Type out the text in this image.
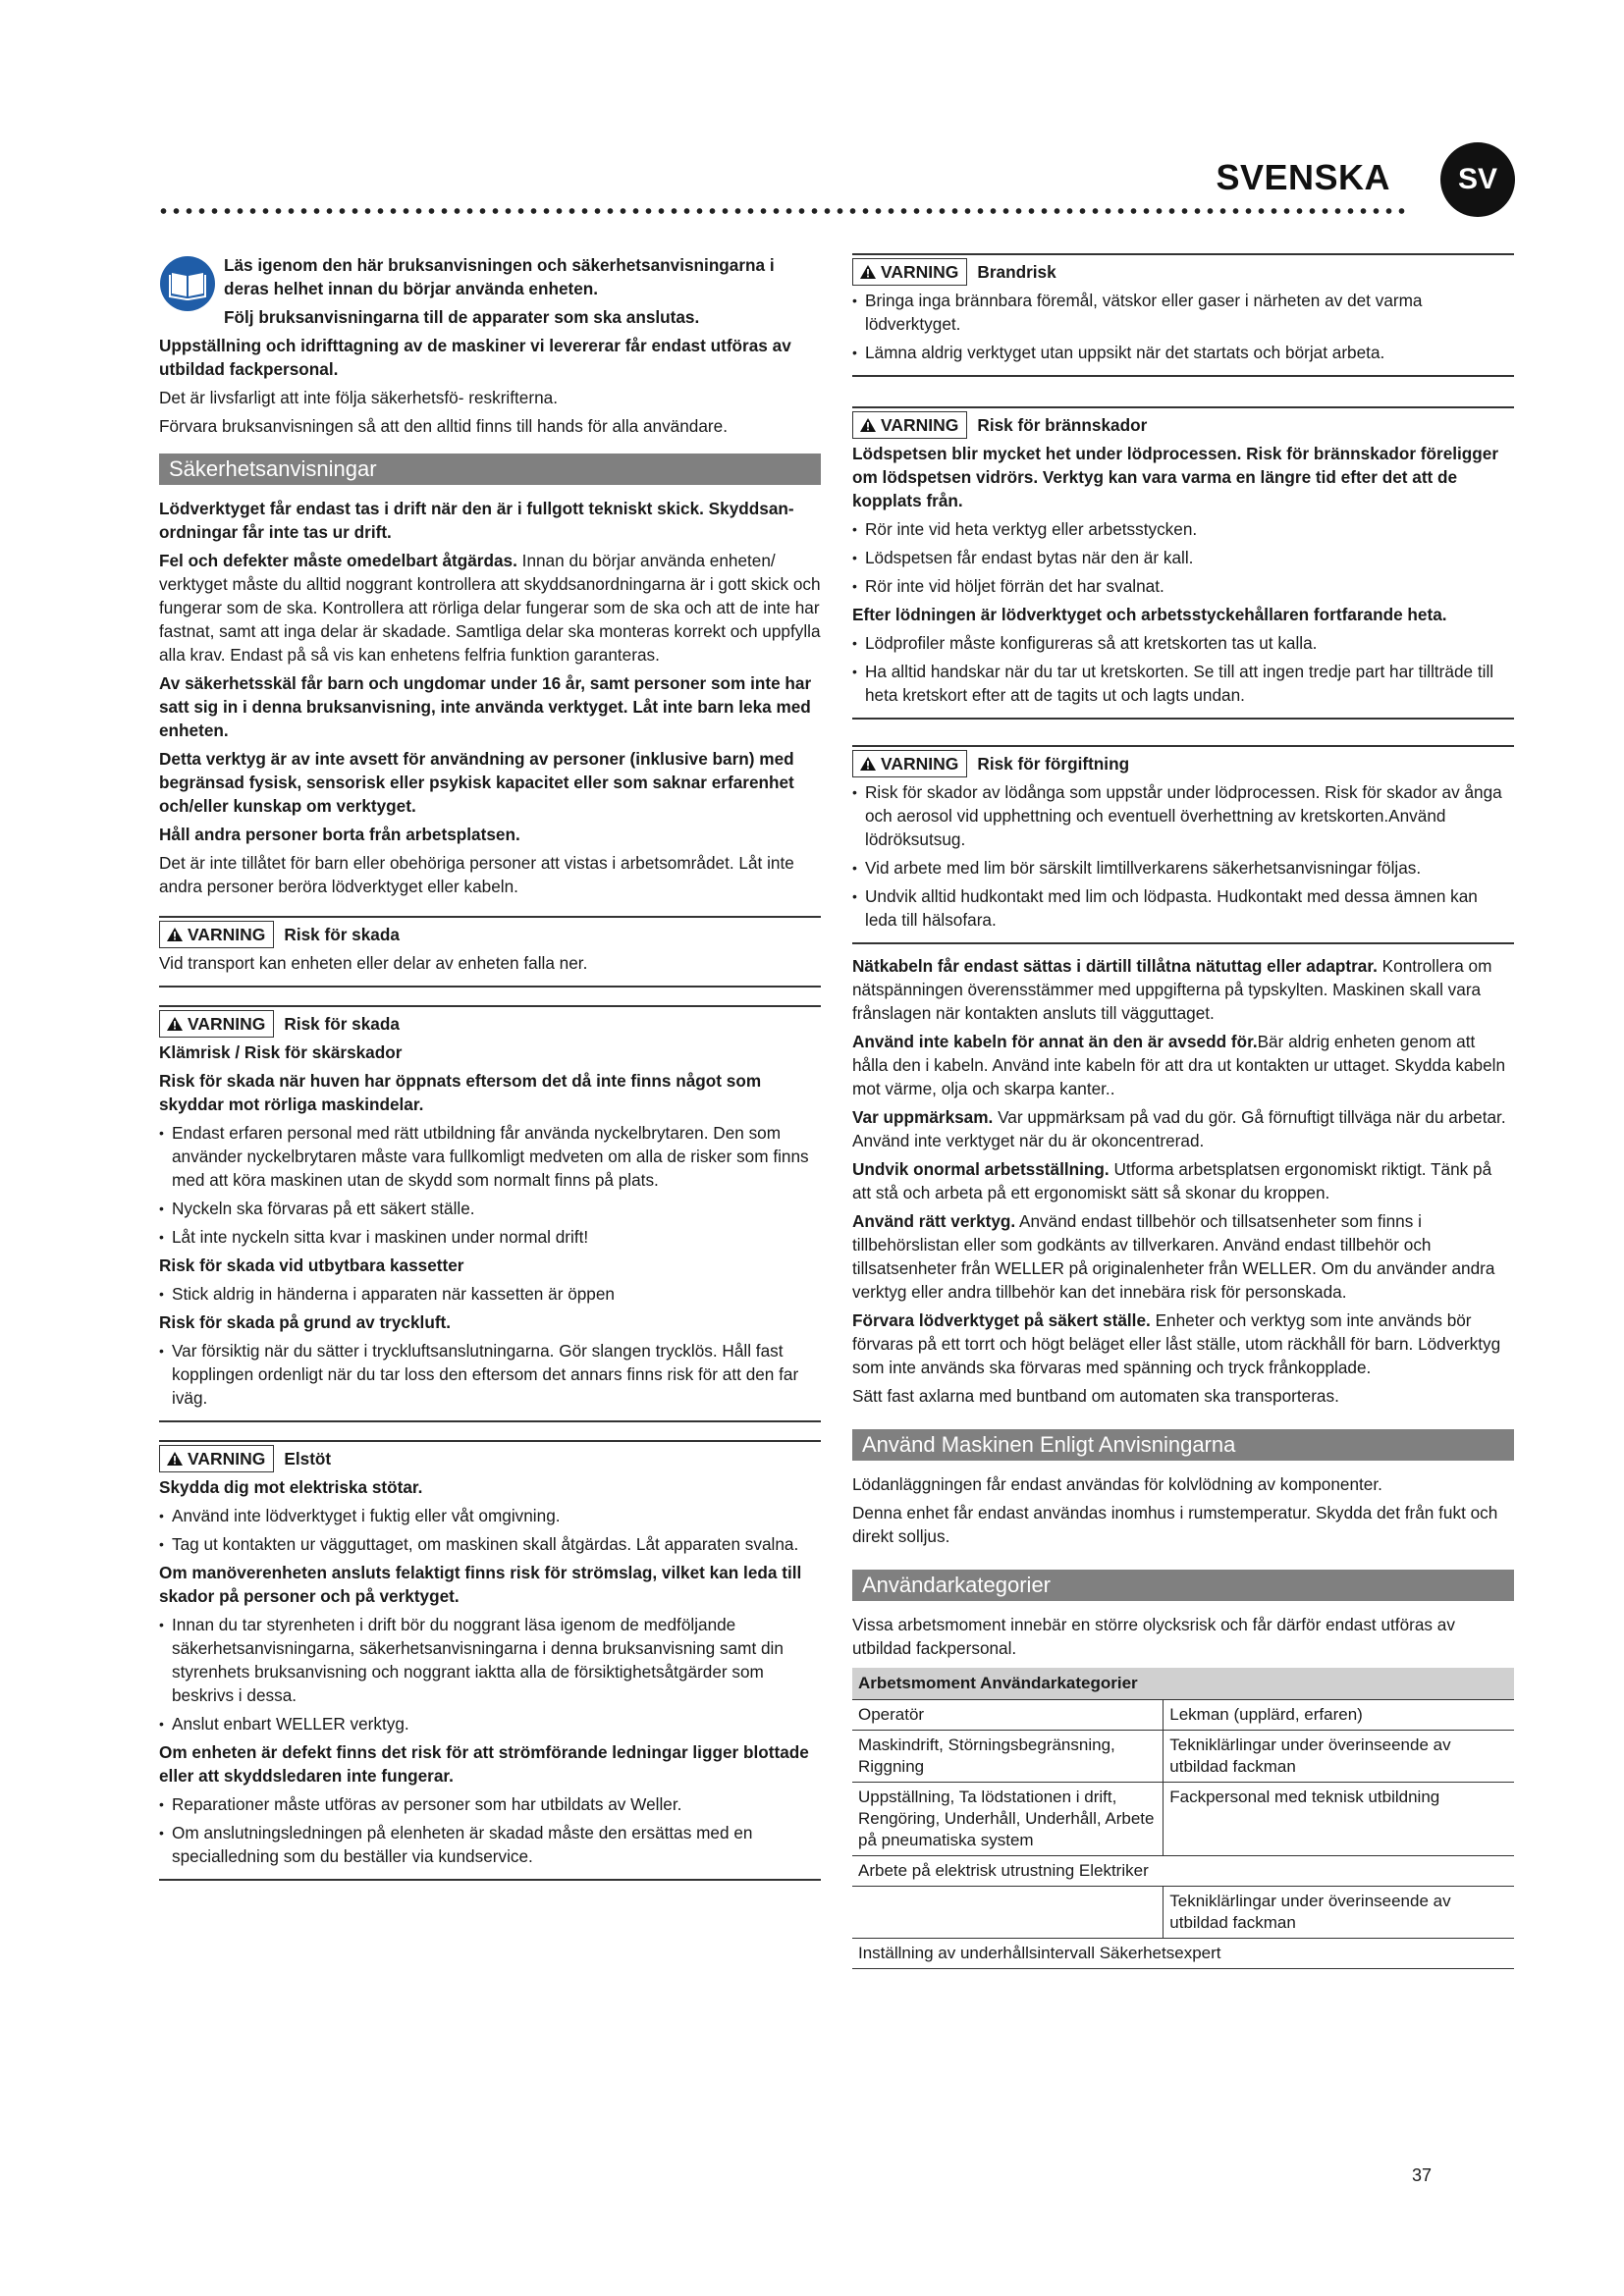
SVENSKA	SV

Läs igenom den här bruksanvisningen och säkerhetsanvisningarna i deras helhet innan du börjar använda enheten.

Följ bruksanvisningarna till de apparater som ska anslutas.

Uppställning och idrifttagning av de maskiner vi levererar får endast utföras av utbildad fackpersonal.

Det är livsfarligt att inte följa säkerhetsfö- reskrifterna.

Förvara bruksanvisningen så att den alltid finns till hands för alla användare.

Säkerhetsanvisningar

Lödverktyget får endast tas i drift när den är i fullgott tekniskt skick. Skyddsan-ordningar får inte tas ur drift.

Fel och defekter måste omedelbart åtgärdas. Innan du börjar använda enheten/ verktyget måste du alltid noggrant kontrollera att skyddsanordningarna är i gott skick och fungerar som de ska. Kontrollera att rörliga delar fungerar som de ska och att de inte har fastnat, samt att inga delar är skadade. Samtliga delar ska monteras korrekt och uppfylla alla krav. Endast på så vis kan enhetens felfria funktion garanteras.

Av säkerhetsskäl får barn och ungdomar under 16 år, samt personer som inte har satt sig in i denna bruksanvisning, inte använda verktyget. Låt inte barn leka med enheten.

Detta verktyg är av inte avsett för användning av personer (inklusive barn) med begränsad fysisk, sensorisk eller psykisk kapacitet eller som saknar erfarenhet och/eller kunskap om verktyget.

Håll andra personer borta från arbetsplatsen.

Det är inte tillåtet för barn eller obehöriga personer att vistas i arbetsområdet. Låt inte andra personer beröra lödverktyget eller kabeln.

VARNING Risk för skada

Vid transport kan enheten eller delar av enheten falla ner.

VARNING Risk för skada

Klämrisk / Risk för skärskador

Risk för skada när huven har öppnats eftersom det då inte finns något som skyddar mot rörliga maskindelar.

• Endast erfaren personal med rätt utbildning får använda nyckelbrytaren. Den som använder nyckelbrytaren måste vara fullkomligt medveten om alla de risker som finns med att köra maskinen utan de skydd som normalt finns på plats.
• Nyckeln ska förvaras på ett säkert ställe.
• Låt inte nyckeln sitta kvar i maskinen under normal drift!

Risk för skada vid utbytbara kassetter

• Stick aldrig in händerna i apparaten när kassetten är öppen

Risk för skada på grund av tryckluft.

• Var försiktig när du sätter i tryckluftsanslutningarna. Gör slangen trycklös. Håll fast kopplingen ordenligt när du tar loss den eftersom det annars finns risk för att den far iväg.
VARNING Elstöt

Skydda dig mot elektriska stötar.

• Använd inte lödverktyget i fuktig eller våt omgivning.
• Tag ut kontakten ur vägguttaget, om maskinen skall åtgärdas. Låt apparaten svalna.

Om manöverenheten ansluts felaktigt finns risk för strömslag, vilket kan leda till skador på personer och på verktyget.

• Innan du tar styrenheten i drift bör du noggrant läsa igenom de medföljande säkerhetsanvisningarna, säkerhetsanvisningarna i denna bruksanvisning samt din styrenhets bruksanvisning och noggrant iaktta alla de försiktighetsåtgärder som beskrivs i dessa.
• Anslut enbart WELLER verktyg.

Om enheten är defekt finns det risk för att strömförande ledningar ligger blottade eller att skyddsledaren inte fungerar.

• Reparationer måste utföras av personer som har utbildats av Weller.
• Om anslutningsledningen på elenheten är skadad måste den ersättas med en specialledning som du beställer via kundservice.
VARNING Brandrisk
• Bringa inga brännbara föremål, vätskor eller gaser i närheten av det varma lödverktyget.
• Lämna aldrig verktyget utan uppsikt när det startats och börjat arbeta.
VARNING Risk för brännskador

Lödspetsen blir mycket het under lödprocessen. Risk för brännskador föreligger om lödspetsen vidrörs. Verktyg kan vara varma en längre tid efter det att de kopplats från.

• Rör inte vid heta verktyg eller arbetsstycken.
• Lödspetsen får endast bytas när den är kall.
• Rör inte vid höljet förrän det har svalnat.

Efter lödningen är lödverktyget och arbetsstyckehållaren fortfarande heta.

• Lödprofiler måste konfigureras så att kretskorten tas ut kalla.
• Ha alltid handskar när du tar ut kretskorten. Se till att ingen tredje part har tillträde till heta kretskort efter att de tagits ut och lagts undan.
VARNING Risk för förgiftning
• Risk för skador av lödånga som uppstår under lödprocessen. Risk för skador av ånga och aerosol vid upphettning och eventuell överhettning av kretskorten.Använd lödröksutsug.
• Vid arbete med lim bör särskilt limtillverkarens säkerhetsanvisningar följas.
• Undvik alltid hudkontakt med lim och lödpasta. Hudkontakt med dessa ämnen kan leda till hälsofara.

Nätkabeln får endast sättas i därtill tillåtna nätuttag eller adaptrar. Kontrollera om nätspänningen överensstämmer med uppgifterna på typskylten. Maskinen skall vara frånslagen när kontakten ansluts till vägguttaget.

Använd inte kabeln för annat än den är avsedd för.Bär aldrig enheten genom att hålla den i kabeln. Använd inte kabeln för att dra ut kontakten ur uttaget. Skydda kabeln mot värme, olja och skarpa kanter..

Var uppmärksam. Var uppmärksam på vad du gör. Gå förnuftigt tillväga när du arbetar. Använd inte verktyget när du är okoncentrerad.

Undvik onormal arbetsställning. Utforma arbetsplatsen ergonomiskt riktigt. Tänk på att stå och arbeta på ett ergonomiskt sätt så skonar du kroppen.

Använd rätt verktyg. Använd endast tillbehör och tillsatsenheter som finns i tillbehörslistan eller som godkänts av tillverkaren. Använd endast tillbehör och tillsatsenheter från WELLER på originalenheter från WELLER. Om du använder andra verktyg eller andra tillbehör kan det innebära risk för personskada.

Förvara lödverktyget på säkert ställe. Enheter och verktyg som inte används bör förvaras på ett torrt och högt beläget eller låst ställe, utom räckhåll för barn. Lödverktyg som inte används ska förvaras med spänning och tryck frånkopplade.

Sätt fast axlarna med buntband om automaten ska transporteras.

Använd Maskinen Enligt Anvisningarna

Lödanläggningen får endast användas för kolvlödning av komponenter.

Denna enhet får endast användas inomhus i rumstemperatur. Skydda det från fukt och direkt solljus.

Användarkategorier

Vissa arbetsmoment innebär en större olycksrisk och får därför endast utföras av utbildad fackpersonal.

Arbetsmoment Användarkategorier	
Operatör	Lekman (upplärd, erfaren)
Maskindrift, Störningsbegränsning, Riggning	Tekniklärlingar under överinseende av utbildad fackman
Uppställning, Ta lödstationen i drift, Rengöring, Underhåll, Underhåll, Arbete på pneumatiska system	Fackpersonal med teknisk utbildning
Arbete på elektrisk utrustning Elektriker	
	Tekniklärlingar under överinseende av utbildad fackman
Inställning av underhållsintervall Säkerhetsexpert	
37
